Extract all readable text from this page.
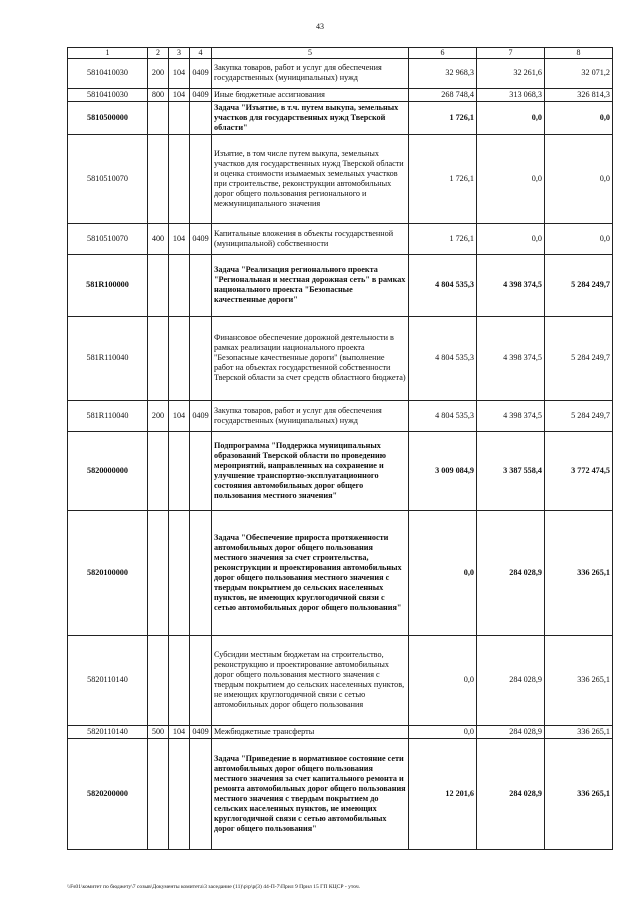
43
1	2	3	4	5	6	7	8
5810410030	200	104	0409	Закупка товаров, работ и услуг для обеспечения государственных (муниципальных) нужд	32 968,3	32 261,6	32 071,2
5810410030	800	104	0409	Иные бюджетные ассигнования	268 748,4	313 068,3	326 814,3
5810500000				Задача "Изъятие, в т.ч. путем выкупа, земельных участков для государственных нужд Тверской области"	1 726,1	0,0	0,0
5810510070				Изъятие, в том числе путем выкупа, земельных участков для государственных нужд Тверской области и оценка стоимости изымаемых земельных участков при строительстве, реконструкции автомобильных дорог общего пользования регионального и межмуниципального значения	1 726,1	0,0	0,0
5810510070	400	104	0409	Капитальные вложения в объекты государственной (муниципальной) собственности	1 726,1	0,0	0,0
581R100000				Задача "Реализация регионального проекта "Региональная и местная дорожная сеть" в рамках национального проекта "Безопасные качественные дороги"	4 804 535,3	4 398 374,5	5 284 249,7
581R110040				Финансовое обеспечение дорожной деятельности в рамках реализации национального проекта "Безопасные качественные дороги" (выполнение работ на объектах государственной собственности Тверской области за счет средств областного бюджета)	4 804 535,3	4 398 374,5	5 284 249,7
581R110040	200	104	0409	Закупка товаров, работ и услуг для обеспечения государственных (муниципальных) нужд	4 804 535,3	4 398 374,5	5 284 249,7
5820000000				Подпрограмма "Поддержка муниципальных образований Тверской области по проведению мероприятий, направленных на сохранение и улучшение транспортно-эксплуатационного состояния автомобильных дорог общего пользования местного значения"	3 009 084,9	3 387 558,4	3 772 474,5
5820100000				Задача "Обеспечение прироста протяженности автомобильных дорог общего пользования местного значения за счет строительства, реконструкции и проектирования автомобильных дорог общего пользования местного значения с твердым покрытием до сельских населенных пунктов, не имеющих круглогодичной связи с сетью автомобильных дорог общего пользования"	0,0	284 028,9	336 265,1
5820110140				Субсидии местным бюджетам на строительство, реконструкцию и проектирование автомобильных дорог общего пользования местного значения с твердым покрытием до сельских населенных пунктов, не имеющих круглогодичной связи с сетью автомобильных дорог общего пользования	0,0	284 028,9	336 265,1
5820110140	500	104	0409	Межбюджетные трансферты	0,0	284 028,9	336 265,1
5820200000				Задача "Приведение в нормативное состояние сети автомобильных дорог общего пользования местного значения за счет капитального ремонта и ремонта автомобильных дорог общего пользования местного значения с твердым покрытием до сельских населенных пунктов, не имеющих круглогодичной связи с сетью автомобильных дорог общего пользования"	12 201,6	284 028,9	336 265,1
\\Fs01\комитет по бюджету\7 созыв\Документы комитета\3 заседание (11)\p\p\p(3) 44-П-7\Прил 9 Прил 15 ГП КЦСР - уточ.
